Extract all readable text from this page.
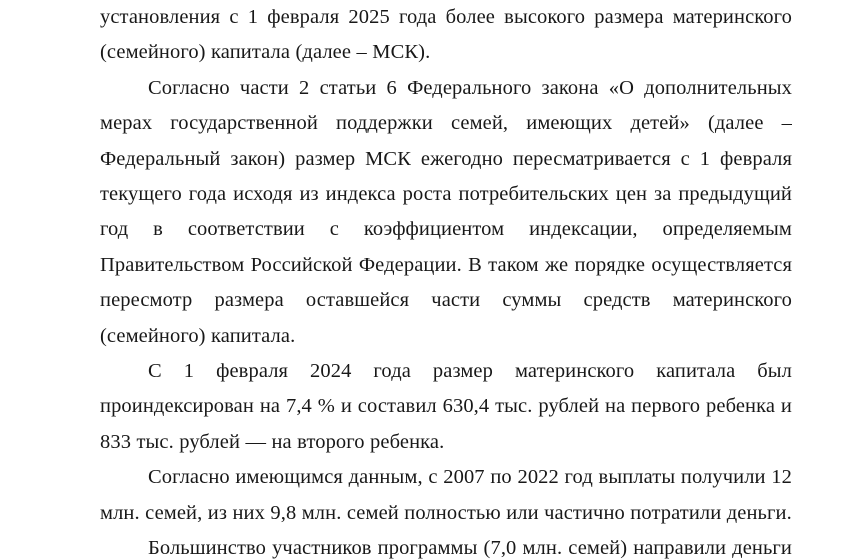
установления с 1 февраля 2025 года более высокого размера материнского (семейного) капитала (далее – МСК).

Согласно части 2 статьи 6 Федерального закона «О дополнительных мерах государственной поддержки семей, имеющих детей» (далее – Федеральный закон) размер МСК ежегодно пересматривается с 1 февраля текущего года исходя из индекса роста потребительских цен за предыдущий год в соответствии с коэффициентом индексации, определяемым Правительством Российской Федерации. В таком же порядке осуществляется пересмотр размера оставшейся части суммы средств материнского (семейного) капитала.

С 1 февраля 2024 года размер материнского капитала был проиндексирован на 7,4 % и составил 630,4 тыс. рублей на первого ребенка и 833 тыс. рублей — на второго ребенка.

Согласно имеющимся данным, с 2007 по 2022 год выплаты получили 12 млн. семей, из них 9,8 млн. семей полностью или частично потратили деньги.

Большинство участников программы (7,0 млн. семей) направили деньги
